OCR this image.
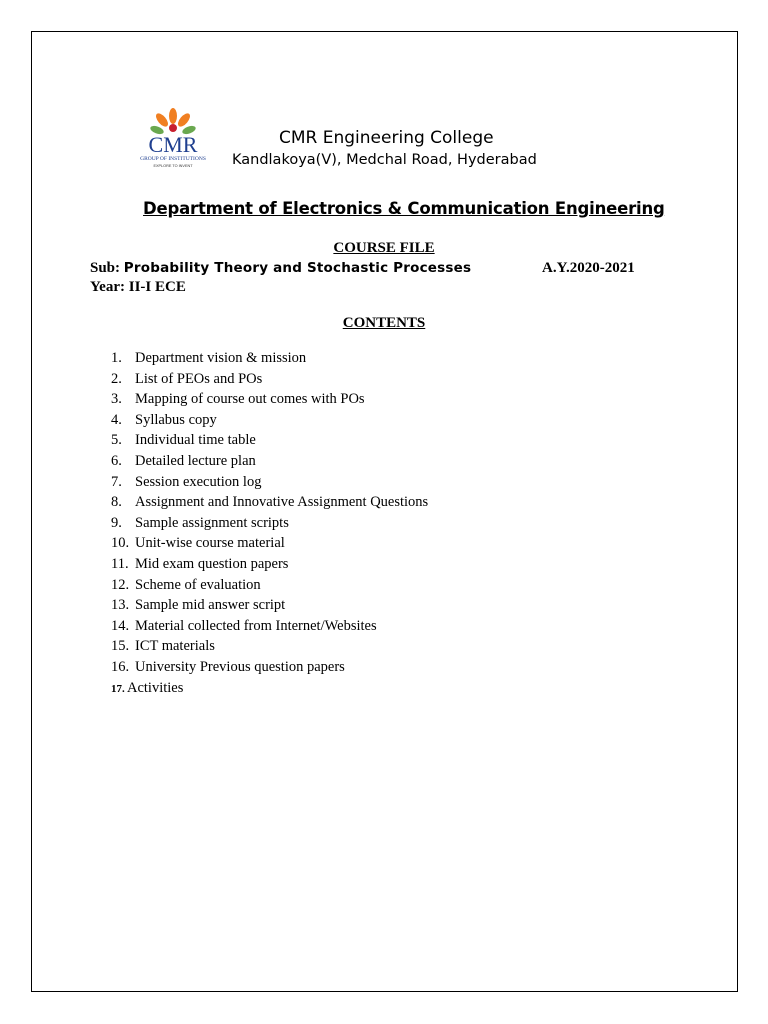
CMR
GROUP OF INSTITUTIONS
EXPLORE TO INVENT
CMR Engineering College
Kandlakoya(V), Medchal Road, Hyderabad
Department of Electronics & Communication Engineering
COURSE FILE
Sub: Probability Theory and Stochastic Processes	A.Y.2020-2021
Year: II-I ECE
CONTENTS
1. Department vision & mission
2. List of PEOs and POs
3. Mapping of course out comes with POs
4. Syllabus copy
5. Individual time table
6. Detailed lecture plan
7. Session execution log
8. Assignment and Innovative Assignment Questions
9. Sample assignment scripts
10. Unit-wise course material
11. Mid exam question papers
12. Scheme of evaluation
13. Sample mid answer script
14. Material collected from Internet/Websites
15. ICT materials
16. University Previous question papers
17. Activities
